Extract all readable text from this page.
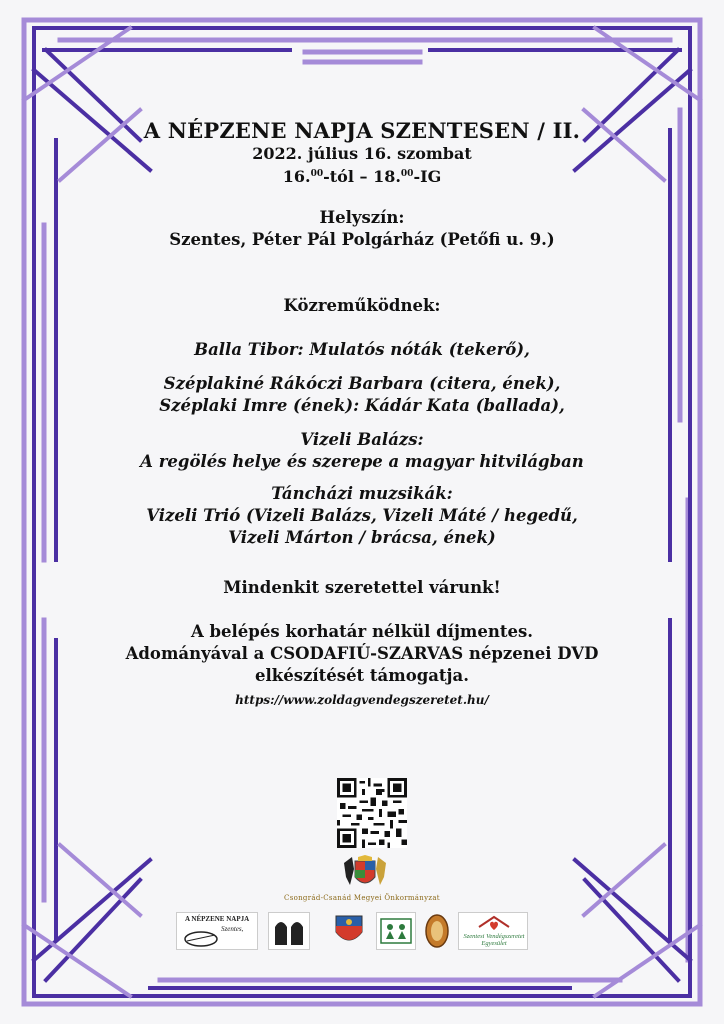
A NÉPZENE NAPJA SZENTESEN / II.
2022. július 16. szombat
16.00-tól – 18.00-IG
Helyszín:
Szentes, Péter Pál Polgárház (Petőfi u. 9.)
Közreműködnek:
Balla Tibor: Mulatós nóták (tekerő),
Széplakiné Rákóczi Barbara (citera, ének),
Széplaki Imre (ének): Kádár Kata (ballada),
Vizeli Balázs:
A regölés helye és szerepe a magyar hitvilágban
Táncházi muzsikák:
Vizeli Trió (Vizeli Balázs, Vizeli Máté / hegedű,
Vizeli Márton / brácsa, ének)
Mindenkit szeretettel várunk!
A belépés korhatár nélkül díjmentes.
Adományával a CSODAFIÚ-SZARVAS népzenei DVD
elkészítését támogatja.
https://www.zoldagvendegszeretet.hu/
Csongrád-Csanád Megyei Önkormányzat
A NÉPZENE NAPJA
Szentes,
Szentesi Vendégszeretet Egyesület
